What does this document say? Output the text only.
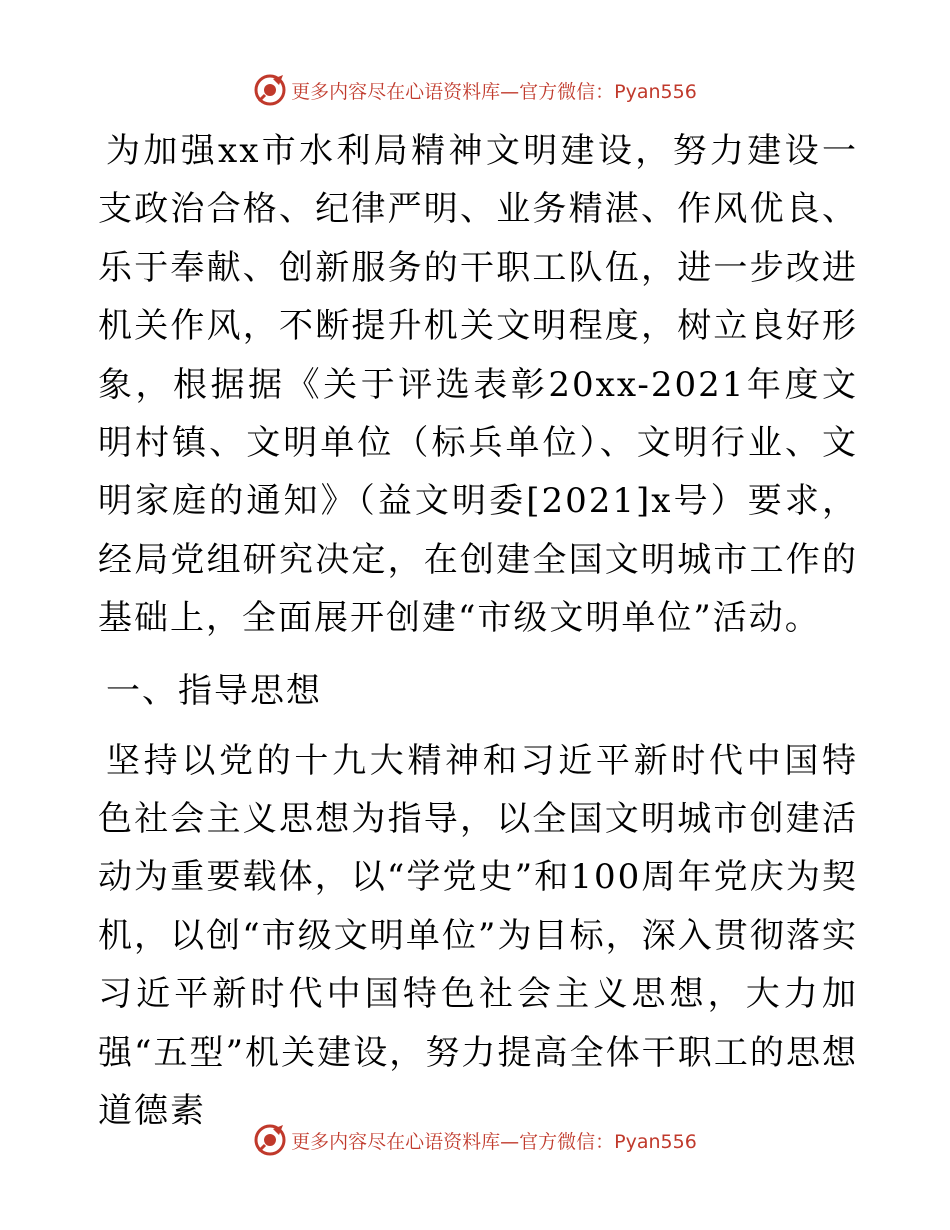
更多内容尽在心语资料库—官方微信：Pyan556

为加强xx市水利局精神文明建设，努力建设一支政治合格、纪律严明、业务精湛、作风优良、乐于奉献、创新服务的干职工队伍，进一步改进机关作风，不断提升机关文明程度，树立良好形象，根据据《关于评选表彰20xx-2021年度文明村镇、文明单位（标兵单位）、文明行业、文明家庭的通知》（益文明委[2021]x号）要求，经局党组研究决定，在创建全国文明城市工作的基础上，全面展开创建“市级文明单位”活动。

一、指导思想

坚持以党的十九大精神和习近平新时代中国特色社会主义思想为指导，以全国文明城市创建活动为重要载体，以“学党史”和100周年党庆为契机，以创“市级文明单位”为目标，深入贯彻落实习近平新时代中国特色社会主义思想，大力加强“五型”机关建设，努力提高全体干职工的思想道德素

更多内容尽在心语资料库—官方微信：Pyan556
